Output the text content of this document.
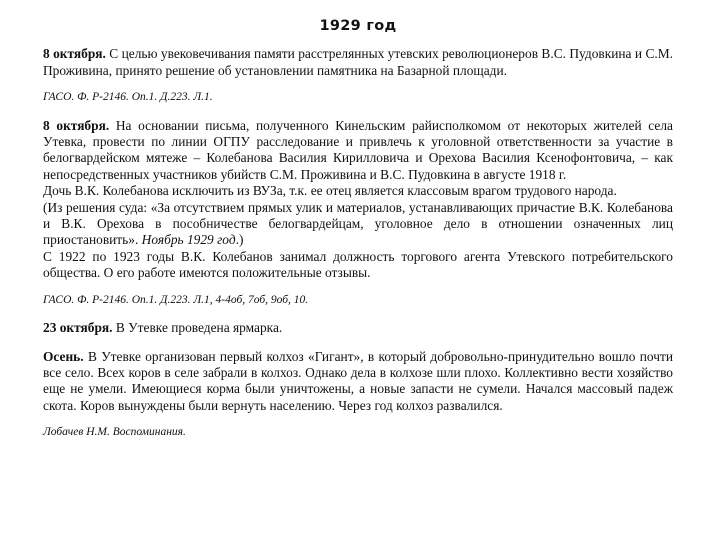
1929 год

8 октября. С целью увековечивания памяти расстрелянных утевских революционеров В.С. Пудовкина и С.М. Проживина, принято решение об установлении памятника на Базарной площади.

ГАСО. Ф. Р-2146. Оп.1. Д.223. Л.1.

8 октября. На основании письма, полученного Кинельским райисполкомом от некоторых жителей села Утевка, провести по линии ОГПУ расследование и привлечь к уголовной ответственности за участие в белогвардейском мятеже – Колебанова Василия Кирилловича и Орехова Василия Ксенофонтовича, – как непосредственных участников убийств С.М. Проживина и В.С. Пудовкина в августе 1918 г.

Дочь В.К. Колебанова исключить из ВУЗа, т.к. ее отец является классовым врагом трудового народа.

(Из решения суда: «За отсутствием прямых улик и материалов, устанавливающих причастие В.К. Колебанова и В.К. Орехова в пособничестве белогвардейцам, уголовное дело в отношении означенных лиц приостановить». Ноябрь 1929 год.)

С 1922 по 1923 годы В.К. Колебанов занимал должность торгового агента Утевского потребительского общества. О его работе имеются положительные отзывы.

ГАСО. Ф. Р-2146. Оп.1. Д.223. Л.1, 4-4об, 7об, 9об, 10.

23 октября. В Утевке проведена ярмарка.

Осень. В Утевке организован первый колхоз «Гигант», в который добровольно-принудительно вошло почти все село. Всех коров в селе забрали в колхоз. Однако дела в колхозе шли плохо. Коллективно вести хозяйство еще не умели. Имеющиеся корма были уничтожены, а новые запасти не сумели. Начался массовый падеж скота. Коров вынуждены были вернуть населению. Через год колхоз развалился.

Лобачев Н.М. Воспоминания.
